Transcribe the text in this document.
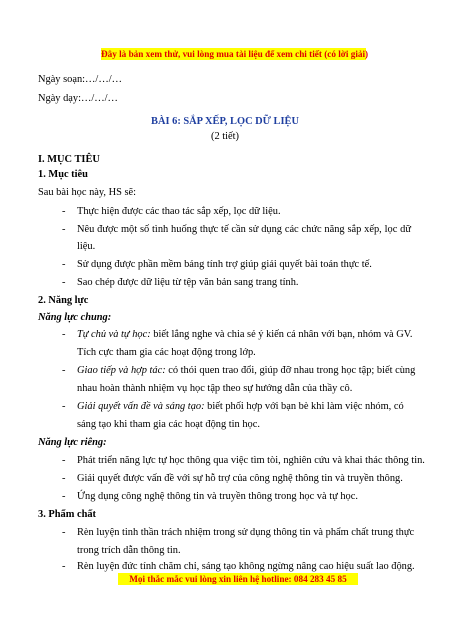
Đây là bản xem thử, vui lòng mua tài liệu để xem chi tiết (có lời giải)
Ngày soạn:…/…/…
Ngày dạy:…/…/…
BÀI 6: SẮP XẾP, LỌC DỮ LIỆU
(2 tiết)
I. MỤC TIÊU
1. Mục tiêu
Sau bài học này, HS sẽ:
- Thực hiện được các thao tác sắp xếp, lọc dữ liệu.
- Nêu được một số tình huống thực tế cần sử dụng các chức năng sắp xếp, lọc dữ
liệu.
- Sử dụng được phần mềm bảng tính trợ giúp giải quyết bài toán thực tế.
- Sao chép được dữ liệu từ tệp văn bản sang trang tính.
2. Năng lực
Năng lực chung:
- Tự chủ và tự học: biết lắng nghe và chia sẻ ý kiến cá nhân với bạn, nhóm và GV.
Tích cực tham gia các hoạt động trong lớp.
- Giao tiếp và hợp tác: có thói quen trao đổi, giúp đỡ nhau trong học tập; biết cùng
nhau hoàn thành nhiệm vụ học tập theo sự hướng dẫn của thầy cô.
- Giải quyết vấn đề và sáng tạo: biết phối hợp với bạn bè khi làm việc nhóm, có
sáng tạo khi tham gia các hoạt động tin học.
Năng lực riêng:
- Phát triển năng lực tự học thông qua việc tìm tòi, nghiên cứu và khai thác thông tin.
- Giải quyết được vấn đề với sự hỗ trợ của công nghệ thông tin và truyền thông.
- Ứng dụng công nghệ thông tin và truyền thông trong học và tự học.
3. Phẩm chất
- Rèn luyện tinh thần trách nhiệm trong sử dụng thông tin và phẩm chất trung thực
trong trích dẫn thông tin.
- Rèn luyện đức tính chăm chỉ, sáng tạo không ngừng nâng cao hiệu suất lao động.
Mọi thắc mắc vui lòng xin liên hệ hotline: 084 283 45 85
